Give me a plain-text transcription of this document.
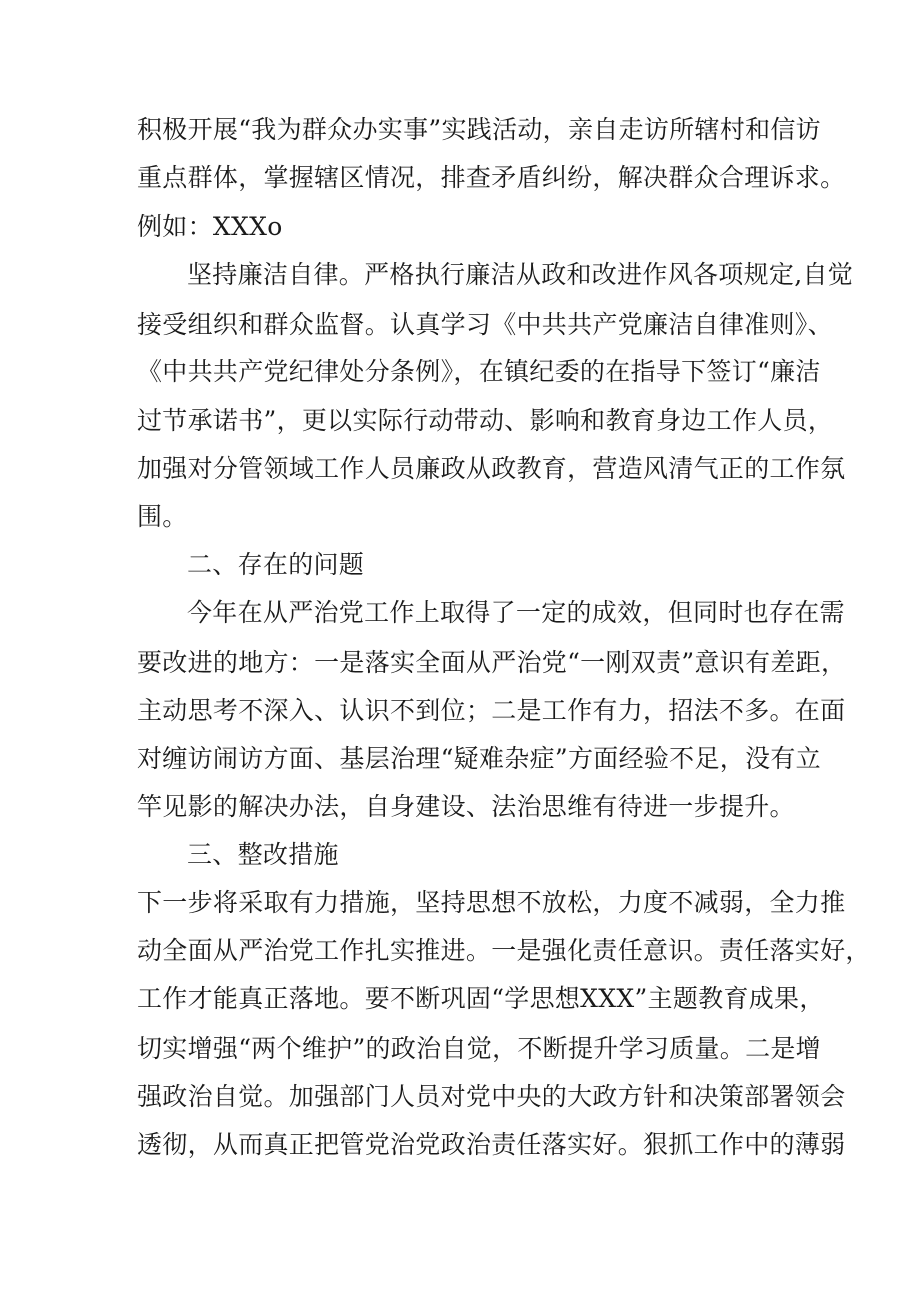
积极开展“我为群众办实事”实践活动，亲自走访所辖村和信访
重点群体，掌握辖区情况，排查矛盾纠纷，解决群众合理诉求。
例如：XXXo
坚持廉洁自律。严格执行廉洁从政和改进作风各项规定,自觉
接受组织和群众监督。认真学习《中共共产党廉洁自律准则》、
《中共共产党纪律处分条例》，在镇纪委的在指导下签订“廉洁
过节承诺书”，更以实际行动带动、影响和教育身边工作人员，
加强对分管领域工作人员廉政从政教育，营造风清气正的工作氛
围。
二、存在的问题
今年在从严治党工作上取得了一定的成效，但同时也存在需
要改进的地方：一是落实全面从严治党“一刚双责”意识有差距，
主动思考不深入、认识不到位；二是工作有力，招法不多。在面
对缠访闹访方面、基层治理“疑难杂症”方面经验不足，没有立
竿见影的解决办法，自身建设、法治思维有待进一步提升。
三、整改措施
下一步将采取有力措施，坚持思想不放松，力度不减弱，全力推
动全面从严治党工作扎实推进。一是强化责任意识。责任落实好，
工作才能真正落地。要不断巩固“学思想XXX”主题教育成果，
切实增强“两个维护”的政治自觉，不断提升学习质量。二是增
强政治自觉。加强部门人员对党中央的大政方针和决策部署领会
透彻，从而真正把管党治党政治责任落实好。狠抓工作中的薄弱
